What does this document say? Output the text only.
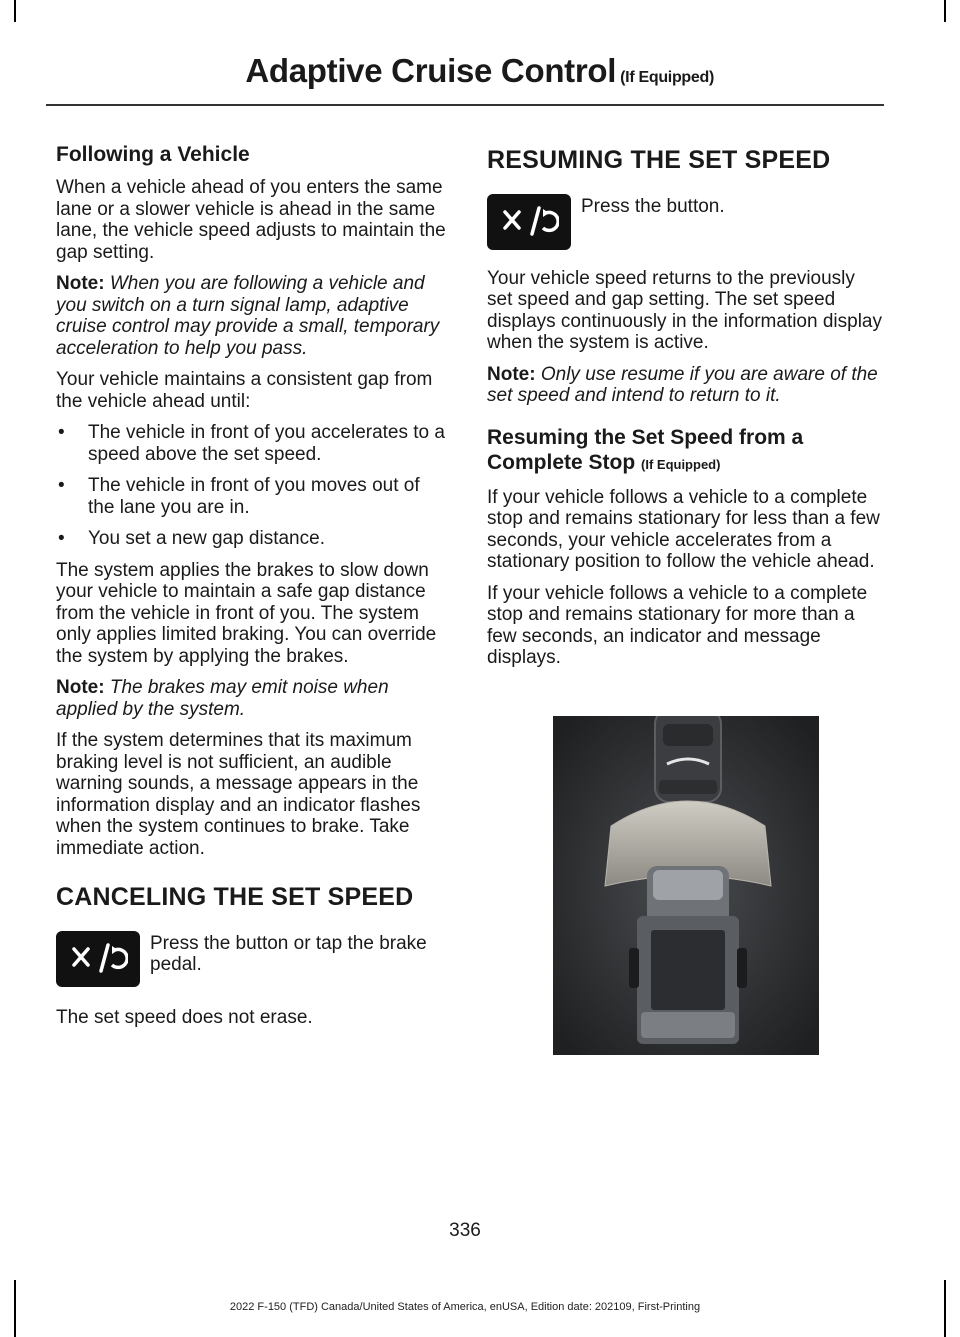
Adaptive Cruise Control (If Equipped)
Following a Vehicle

When a vehicle ahead of you enters the same lane or a slower vehicle is ahead in the same lane, the vehicle speed adjusts to maintain the gap setting.

Note: When you are following a vehicle and you switch on a turn signal lamp, adaptive cruise control may provide a small, temporary acceleration to help you pass.

Your vehicle maintains a consistent gap from the vehicle ahead until:

• The vehicle in front of you accelerates to a speed above the set speed.
• The vehicle in front of you moves out of the lane you are in.
• You set a new gap distance.

The system applies the brakes to slow down your vehicle to maintain a safe gap distance from the vehicle in front of you. The system only applies limited braking. You can override the system by applying the brakes.

Note: The brakes may emit noise when applied by the system.

If the system determines that its maximum braking level is not sufficient, an audible warning sounds, a message appears in the information display and an indicator flashes when the system continues to brake. Take immediate action.

CANCELING THE SET SPEED
Press the button or tap the brake pedal.

The set speed does not erase.

RESUMING THE SET SPEED
Press the button.

Your vehicle speed returns to the previously set speed and gap setting. The set speed displays continuously in the information display when the system is active.

Note: Only use resume if you are aware of the set speed and intend to return to it.

Resuming the Set Speed from a Complete Stop (If Equipped)

If your vehicle follows a vehicle to a complete stop and remains stationary for less than a few seconds, your vehicle accelerates from a stationary position to follow the vehicle ahead.

If your vehicle follows a vehicle to a complete stop and remains stationary for more than a few seconds, an indicator and message displays.

336
2022 F-150 (TFD) Canada/United States of America, enUSA, Edition date: 202109, First-Printing
